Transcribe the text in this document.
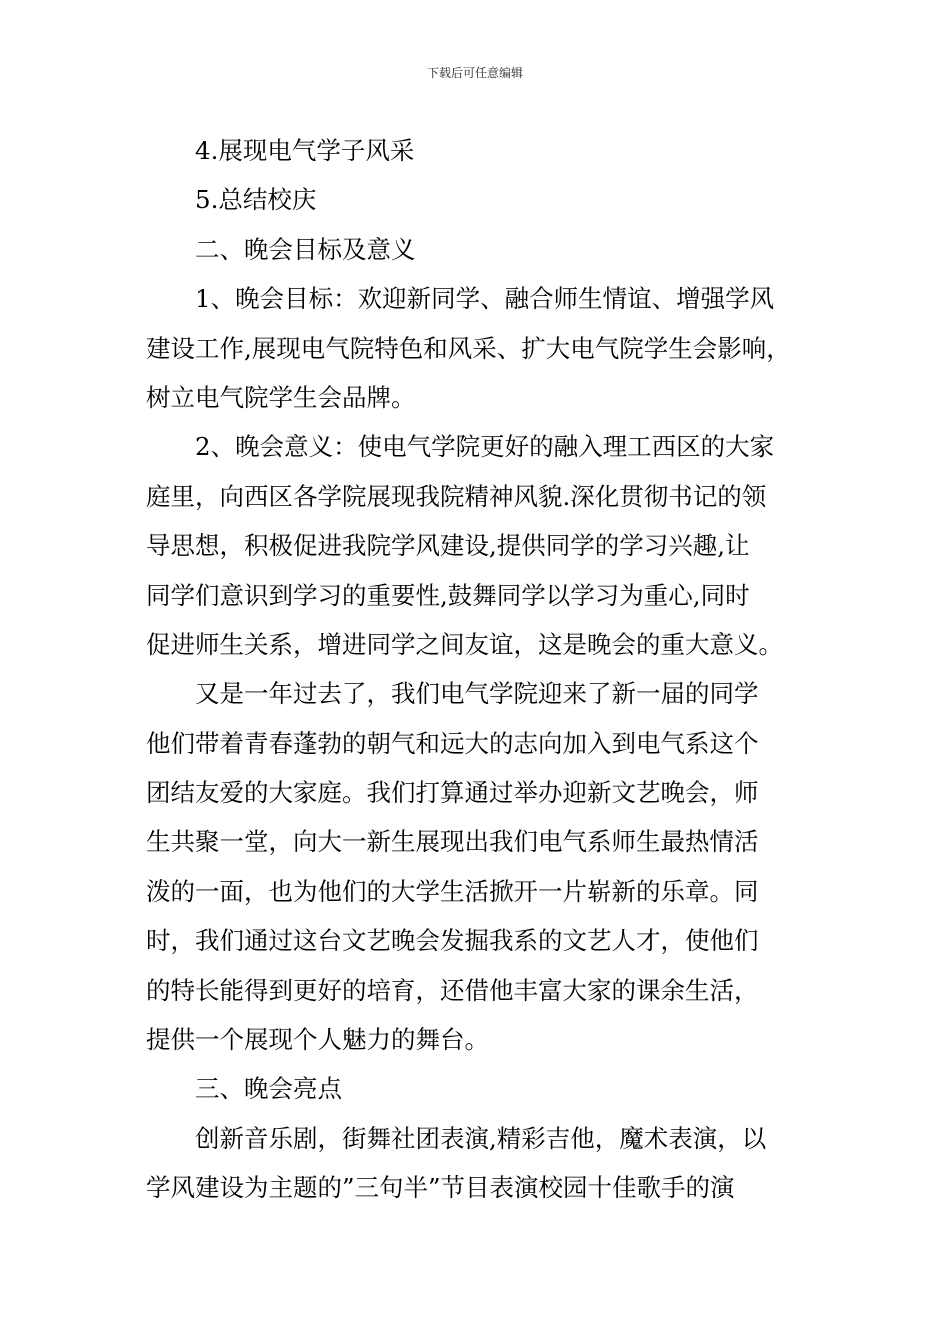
下载后可任意编辑
4.展现电气学子风采
5.总结校庆
二、晚会目标及意义
1、晚会目标：欢迎新同学、融合师生情谊、增强学风
建设工作,展现电气院特色和风采、扩大电气院学生会影响，
树立电气院学生会品牌。
2、晚会意义：使电气学院更好的融入理工西区的大家
庭里，向西区各学院展现我院精神风貌.深化贯彻书记的领
导思想，积极促进我院学风建设,提供同学的学习兴趣,让
同学们意识到学习的重要性,鼓舞同学以学习为重心,同时
促进师生关系，增进同学之间友谊，这是晚会的重大意义。
又是一年过去了，我们电气学院迎来了新一届的同学
他们带着青春蓬勃的朝气和远大的志向加入到电气系这个
团结友爱的大家庭。我们打算通过举办迎新文艺晚会，师
生共聚一堂，向大一新生展现出我们电气系师生最热情活
泼的一面，也为他们的大学生活掀开一片崭新的乐章。同
时，我们通过这台文艺晚会发掘我系的文艺人才，使他们
的特长能得到更好的培育，还借他丰富大家的课余生活，
提供一个展现个人魅力的舞台。
三、晚会亮点
创新音乐剧，街舞社团表演,精彩吉他，魔术表演，以
学风建设为主题的”三句半”节目表演校园十佳歌手的演
